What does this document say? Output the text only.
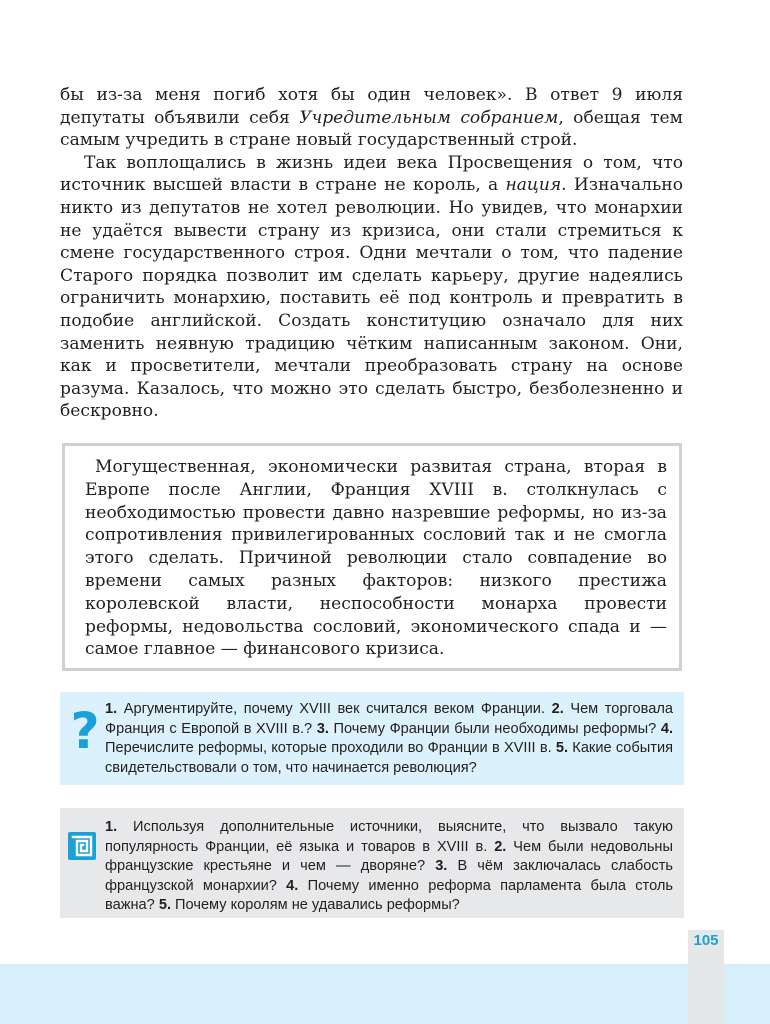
бы из-за меня погиб хотя бы один человек». В ответ 9 июля депутаты объявили себя Учредительным собранием, обещая тем самым учредить в стране новый государственный строй.

Так воплощались в жизнь идеи века Просвещения о том, что источник высшей власти в стране не король, а нация. Изначально никто из депутатов не хотел революции. Но увидев, что монархии не удаётся вывести страну из кризиса, они стали стремиться к смене государственного строя. Одни мечтали о том, что падение Старого порядка позволит им сделать карьеру, другие надеялись ограничить монархию, поставить её под контроль и превратить в подобие английской. Создать конституцию означало для них заменить неявную традицию чётким написанным законом. Они, как и просветители, мечтали преобразовать страну на основе разума. Казалось, что можно это сделать быстро, безболезненно и бескровно.

Могущественная, экономически развитая страна, вторая в Европе после Англии, Франция XVIII в. столкнулась с необходимостью провести давно назревшие реформы, но из-за сопротивления привилегированных сословий так и не смогла этого сделать. Причиной революции стало совпадение во времени самых разных факторов: низкого престижа королевской власти, неспособности монарха провести реформы, недовольства сословий, экономического спада и — самое главное — финансового кризиса.

? 1. Аргументируйте, почему XVIII век считался веком Франции. 2. Чем торговала Франция с Европой в XVIII в.? 3. Почему Франции были необходимы реформы? 4. Перечислите реформы, которые проходили во Франции в XVIII в. 5. Какие события свидетельствовали о том, что начинается революция?
1. Используя дополнительные источники, выясните, что вызвало такую популярность Франции, её языка и товаров в XVIII в. 2. Чем были недовольны французские крестьяне и чем — дворяне? 3. В чём заключалась слабость французской монархии? 4. Почему именно реформа парламента была столь важна? 5. Почему королям не удавались реформы?
105
